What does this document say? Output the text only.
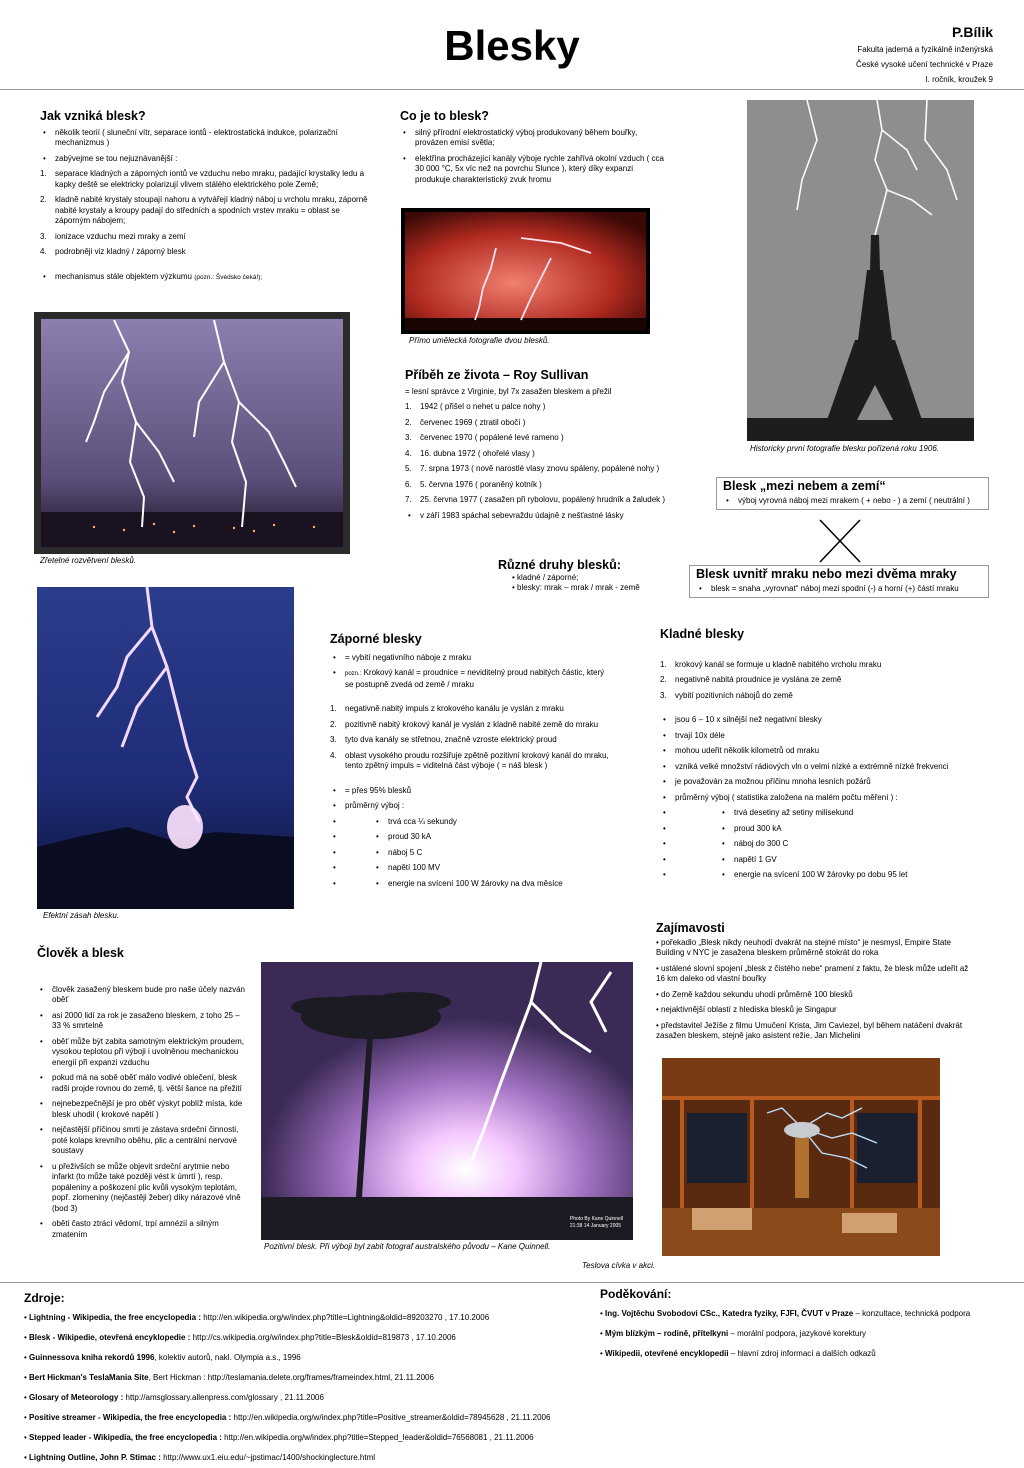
Blesky	P.Bílik
Fakulta jaderná a fyzikálně inženýrská
České vysoké učení technické v Praze
I. ročník, kroužek 9
Jak vzniká blesk?
• několik teorií ( sluneční vítr, separace iontů - elektrostatická indukce, polarizační mechanizmus )
• zabývejme se tou nejuznávanější :
1. separace kladných a záporných iontů ve vzduchu nebo mraku, padající krystalky ledu a kapky deště se elektricky polarizují vlivem stálého elektrického pole Země;
2. kladně nabité krystaly stoupají nahoru a vytvářejí kladný náboj u vrcholu mraku, záporně nabité krystaly a kroupy padají do středních a spodních vrstev mraku = oblast se záporným nábojem;
3. ionizace vzduchu mezi mraky a zemí
4. podrobněji viz kladný / záporný blesk
• mechanismus stále objektem výzkumu (pozn.: Švédsko čeká!);
Zřetelné rozvětvení blesků.
Co je to blesk?
• silný přírodní elektrostatický výboj produkovaný během bouřky, provázen emisí světla;
• elektřina procházející kanály výboje rychle zahřívá okolní vzduch ( cca 30 000 °C, 5x víc než na povrchu Slunce ), který díky expanzi produkuje charakteristický zvuk hromu
Přímo umělecká fotografie dvou blesků.
Historicky první fotografie blesku pořízená roku 1906.
Příběh ze života – Roy Sullivan
= lesní správce z Virginie, byl 7x zasažen bleskem a přežil
1. 1942 ( přišel o nehet u palce nohy )
2. červenec 1969 ( ztratil obočí )
3. červenec 1970 ( popálené levé rameno )
4. 16. dubna 1972 ( ohořelé vlasy )
5. 7. srpna 1973 ( nově narostlé vlasy znovu spáleny, popálené nohy )
6. 5. června 1976 ( poraněný kotník )
7. 25. června 1977 ( zasažen při rybolovu, popálený hrudník a žaludek )
• v září 1983 spáchal sebevraždu údajně z nešťastné lásky
Blesk „mezi nebem a zemí“
• výboj vyrovná náboj mezi mrakem ( + nebo - ) a zemí ( neutrální )
Různé druhy blesků:
• kladné / záporné;
• blesky: mrak – mrak / mrak - země
Blesk uvnitř mraku nebo mezi dvěma mraky
• blesk = snaha „vyrovnat“ náboj mezi spodní (-) a horní (+) částí mraku
Efektní zásah blesku.
Záporné blesky
• = vybití negativního náboje z mraku
• pozn.: Krokový kanál = proudnice = neviditelný proud nabitých částic, který se postupně zvedá od země / mraku
1. negativně nabitý impuls z krokového kanálu je vyslán z mraku
2. pozitivně nabitý krokový kanál je vyslán z kladně nabité země do mraku
3. tyto dva kanály se střetnou, značně vzroste elektrický proud
4. oblast vysokého proudu rozšiřuje zpětně pozitivní krokový kanál do mraku, tento zpětný impuls = viditelná část výboje ( = náš blesk )
• = přes 95% blesků
• průměrný výboj :
• • trvá cca ¼ sekundy
• • proud 30 kA
• • náboj 5 C
• • napětí 100 MV
• • energie na svícení 100 W žárovky na dva měsíce
Kladné blesky
1. krokový kanál se formuje u kladně nabitého vrcholu mraku
2. negativně nabitá proudnice je vyslána ze země
3. vybití pozitivních nábojů do země
• jsou 6 – 10 x silnější než negativní blesky
• trvají 10x déle
• mohou udeřit několik kilometrů od mraku
• vzniká velké množství rádiových vln o velmi nízké a extrémně nízké frekvenci
• je považován za možnou příčinu mnoha lesních požárů
• průměrný výboj ( statistika založena na malém počtu měření ) :
• • trvá desetiny až setiny milisekund
• • proud 300 kA
• • náboj do 300 C
• • napětí 1 GV
• • energie na svícení 100 W žárovky po dobu 95 let
Zajímavosti
• pořekadlo „Blesk nikdy neuhodí dvakrát na stejné místo“ je nesmysl, Empire State Building v NYC je zasažena bleskem průměrně stokrát do roka
• ustálené slovní spojení „blesk z čistého nebe“ pramení z faktu, že blesk může udeřit až 16 km daleko od vlastní bouřky
• do Země každou sekundu uhodí průměrně 100 blesků
• nejaktivnější oblastí z hlediska blesků je Singapur
• představitel Ježíše z filmu Umučení Krista, Jim Caviezel, byl během natáčení dvakrát zasažen bleskem, stejně jako asistent režie, Jan Michelini
Teslova cívka v akci.
Člověk a blesk
• člověk zasažený bleskem bude pro naše účely nazván oběť
• asi 2000 lidí za rok je zasaženo bleskem, z toho 25 – 33 % smrtelně
• oběť může být zabita samotným elektrickým proudem, vysokou teplotou při výboji i uvolněnou mechanickou energií při expanzi vzduchu
• pokud má na sobě oběť málo vodivé oblečení, blesk radši projde rovnou do země, tj. větší šance na přežití
• nejnebezpečnější je pro oběť výskyt poblíž místa, kde blesk uhodil ( krokové napětí )
• nejčastější příčinou smrti je zástava srdeční činnosti, poté kolaps krevního oběhu, plic a centrální nervové soustavy
• u přeživších se může objevit srdeční arytmie nebo infarkt (to může také později vést k úmrtí ), resp. popáleniny a poškození plic kvůli vysokým teplotám, popř. zlomeniny (nejčastěji žeber) díky nárazové vlně (bod 3)
• oběti často ztrácí vědomí, trpí amnézií a silným zmatením
Photo By Kane Quinnell
21:38 14 January 2005
Pozitivní blesk. Při výboji byl zabit fotograf australského původu – Kane Quinnell.
Zdroje:
• Lightning - Wikipedia, the free encyclopedia : http://en.wikipedia.org/w/index.php?title=Lightning&oldid=89203270 , 17.10.2006
• Blesk - Wikipedie, otevřená encyklopedie : http://cs.wikipedia.org/w/index.php?title=Blesk&oldid=819873 , 17.10.2006
• Guinnessova kniha rekordů 1996, kolektiv autorů, nakl. Olympia a.s., 1996
• Bert Hickman's TeslaMania Site, Bert Hickman : http://teslamania.delete.org/frames/frameindex.html, 21.11.2006
• Glosary of Meteorology : http://amsglossary.allenpress.com/glossary , 21.11.2006
• Positive streamer - Wikipedia, the free encyclopedia : http://en.wikipedia.org/w/index.php?title=Positive_streamer&oldid=78945628 , 21.11.2006
• Stepped leader - Wikipedia, the free encyclopedia : http://en.wikipedia.org/w/index.php?title=Stepped_leader&oldid=76568081 , 21.11.2006
• Lightning Outline, John P. Stimac : http://www.ux1.eiu.edu/~jpstimac/1400/shockinglecture.html
Poděkování:
• Ing. Vojtěchu Svobodovi CSc., Katedra fyziky, FJFI, ČVUT v Praze – konzultace, technická podpora
• Mým blízkým – rodině, přítelkyni – morální podpora, jazykové korektury
• Wikipedii, otevřené encyklopedii – hlavní zdroj informací a dalších odkazů
